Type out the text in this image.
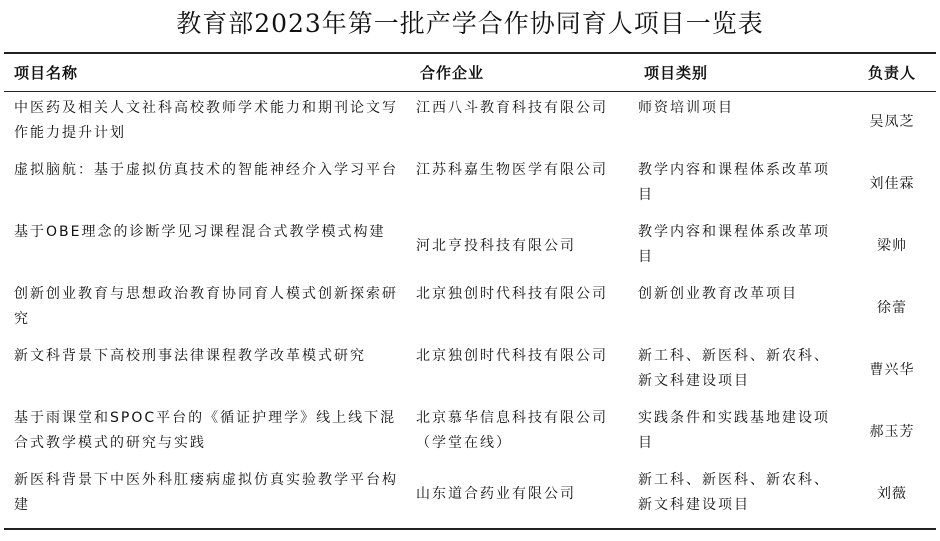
教育部2023年第一批产学合作协同育人项目一览表
项目名称	合作企业	项目类别	负责人
中医药及相关人文社科高校教师学术能力和期刊论文写作能力提升计划	江西八斗教育科技有限公司	师资培训项目	吴凤芝
虚拟脑航：基于虚拟仿真技术的智能神经介入学习平台	江苏科嘉生物医学有限公司	教学内容和课程体系改革项目	刘佳霖
基于OBE理念的诊断学见习课程混合式教学模式构建	河北亨投科技有限公司	教学内容和课程体系改革项目	梁帅
创新创业教育与思想政治教育协同育人模式创新探索研究	北京独创时代科技有限公司	创新创业教育改革项目	徐蕾
新文科背景下高校刑事法律课程教学改革模式研究	北京独创时代科技有限公司	新工科、新医科、新农科、新文科建设项目	曹兴华
基于雨课堂和SPOC平台的《循证护理学》线上线下混合式教学模式的研究与实践	北京慕华信息科技有限公司（学堂在线）	实践条件和实践基地建设项目	郝玉芳
新医科背景下中医外科肛瘘病虚拟仿真实验教学平台构建	山东道合药业有限公司	新工科、新医科、新农科、新文科建设项目	刘薇
